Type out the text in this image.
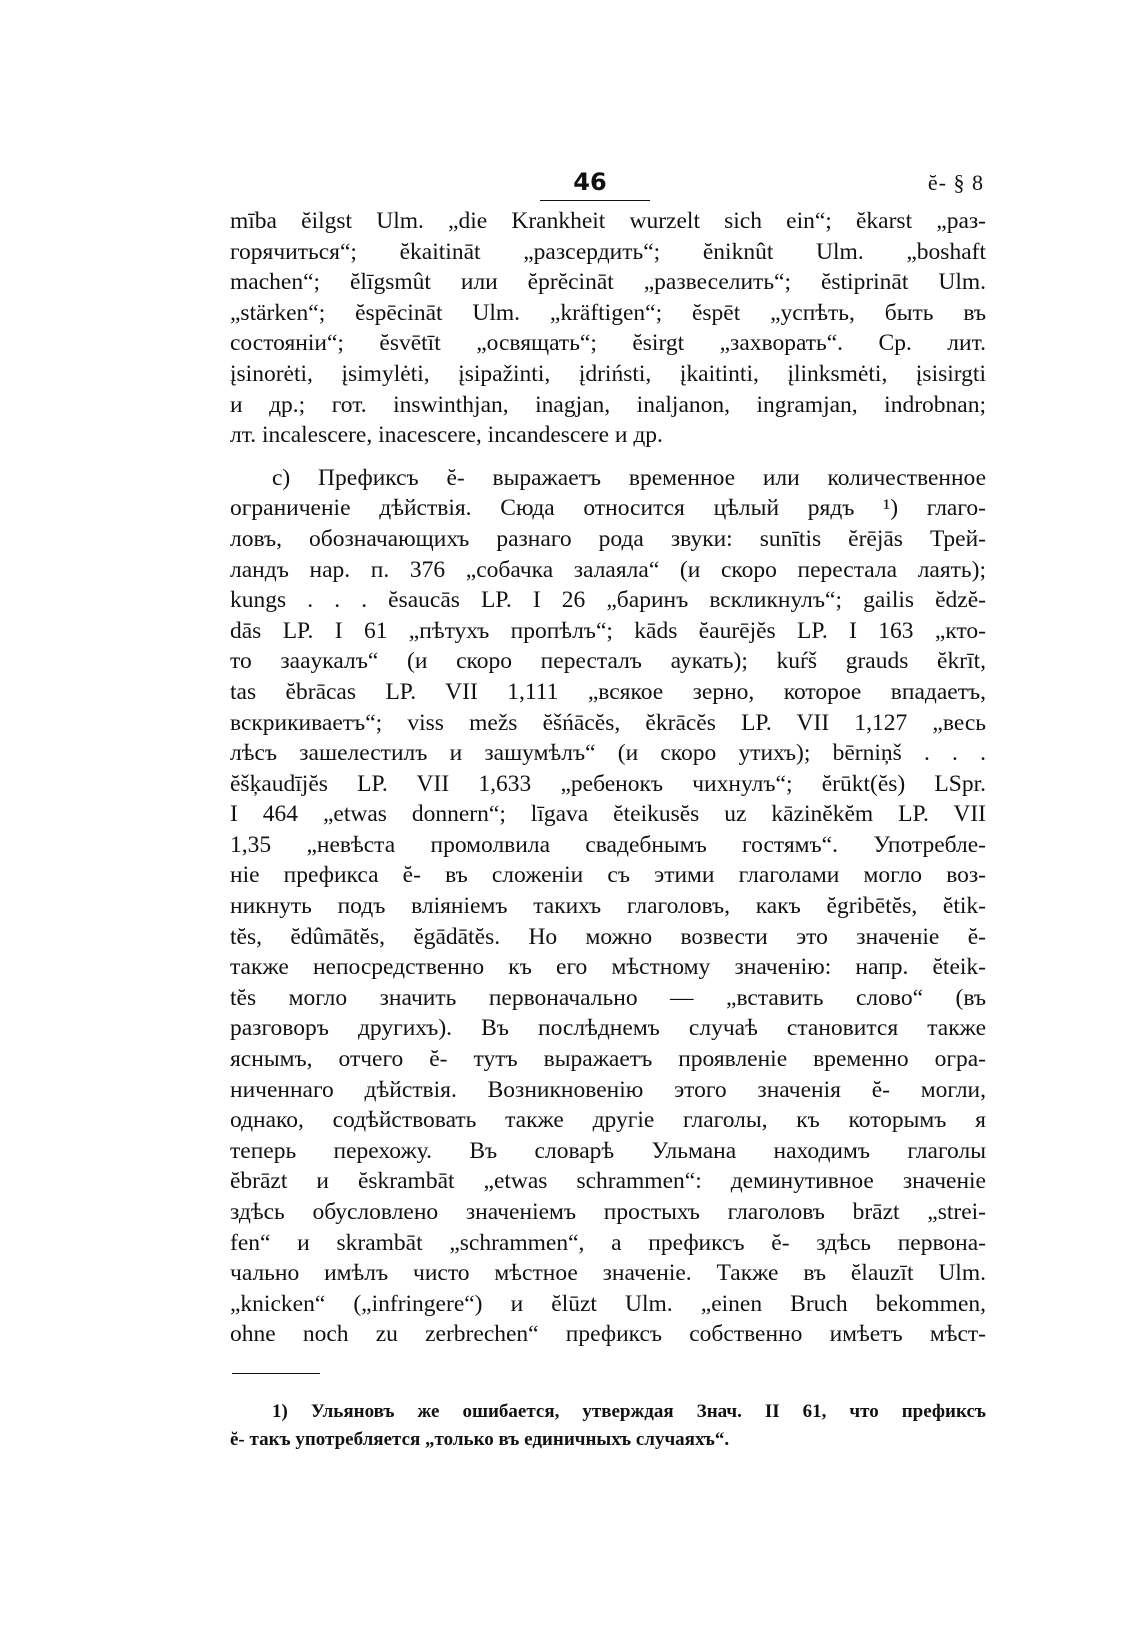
46	ĕ- § 8
mība ĕilgst Ulm. „die Krankheit wurzelt sich ein“; ĕkarst „раз-
горячиться“; ĕkaitināt „разсердить“; ĕniknût Ulm. „boshaft
machen“; ĕlīgsmût или ĕprĕcināt „развеселить“; ĕstiprināt Ulm.
„stärken“; ĕspēcināt Ulm. „kräftigen“; ĕspēt „успѣть, быть въ
состояніи“; ĕsvētīt „освящать“; ĕsirgt „захворать“. Ср. лит.
įsinorėti, įsimylėti, įsipažinti, įdriństi, įkaitinti, įlinksmėti, įsisirgti
и др.; гот. inswinthjan, inagjan, inaljanon, ingramjan, indrobnan;
лт. incalescere, inacescere, incandescere и др.
c) Префиксъ ĕ- выражаетъ временное или количественное
ограниченіе дѣйствія. Сюда относится цѣлый рядъ ¹) глаго-
ловъ, обозначающихъ разнаго рода звуки: sunītis ĕrējās Трей-
ландъ нар. п. 376 „собачка залаяла“ (и скоро перестала лаять);
kungs . . . ĕsaucās LP. I 26 „баринъ вскликнулъ“; gailis ĕdzĕ-
dās LP. I 61 „пѣтухъ пропѣлъ“; kāds ĕaurējĕs LP. I 163 „кто-
то заaукалъ“ (и скоро пересталъ аукать); kuŕš grauds ĕkrīt,
tas ĕbrācas LP. VII 1,111 „всякое зерно, которое впадаетъ,
вскрикиваетъ“; viss mežs ĕšńācĕs, ĕkrācĕs LP. VII 1,127 „весь
лѣсъ зашелестилъ и зашумѣлъ“ (и скоро утихъ); bērniņš . . .
ĕšķaudījĕs LP. VII 1,633 „ребенокъ чихнулъ“; ĕrūkt(ĕs) LSpr.
I 464 „etwas donnern“; līgava ĕteikusĕs uz kāzinĕkĕm LP. VII
1,35 „невѣста промолвила свадебнымъ гостямъ“. Употребле-
ніе префикса ĕ- въ сложеніи съ этими глаголами могло воз-
никнуть подъ вліяніемъ такихъ глаголовъ, какъ ĕgribētĕs, ĕtik-
tĕs, ĕdûmātĕs, ĕgādātĕs. Но можно возвести это значеніе ĕ-
также непосредственно къ его мѣстному значенію: напр. ĕteik-
tĕs могло значить первоначально — „вставить слово“ (въ
разговоръ другихъ). Въ послѣднемъ случаѣ становится также
яснымъ, отчего ĕ- тутъ выражаетъ проявленіе временно огра-
ниченнаго дѣйствія. Возникновенію этого значенія ĕ- могли,
однако, содѣйствовать также другіе глаголы, къ которымъ я
теперь перехожу. Въ словарѣ Ульмана находимъ глаголы
ĕbrāzt и ĕskrambāt „etwas schrammen“: деминутивное значеніе
здѣсь обусловлено значеніемъ простыхъ глаголовъ brāzt „strei-
fen“ и skrambāt „schrammen“, а префиксъ ĕ- здѣсь первона-
чально имѣлъ чисто мѣстное значеніе. Также въ ĕlauzīt Ulm.
„knicken“ („infringere“) и ĕlūzt Ulm. „einen Bruch bekommen,
ohne noch zu zerbrechen“ префиксъ собственно имѣетъ мѣст-
1) Ульяновъ же ошибается, утверждая Знач. II 61, что префиксъ
ĕ- такъ употребляется „только въ единичныхъ случаяхъ“.
